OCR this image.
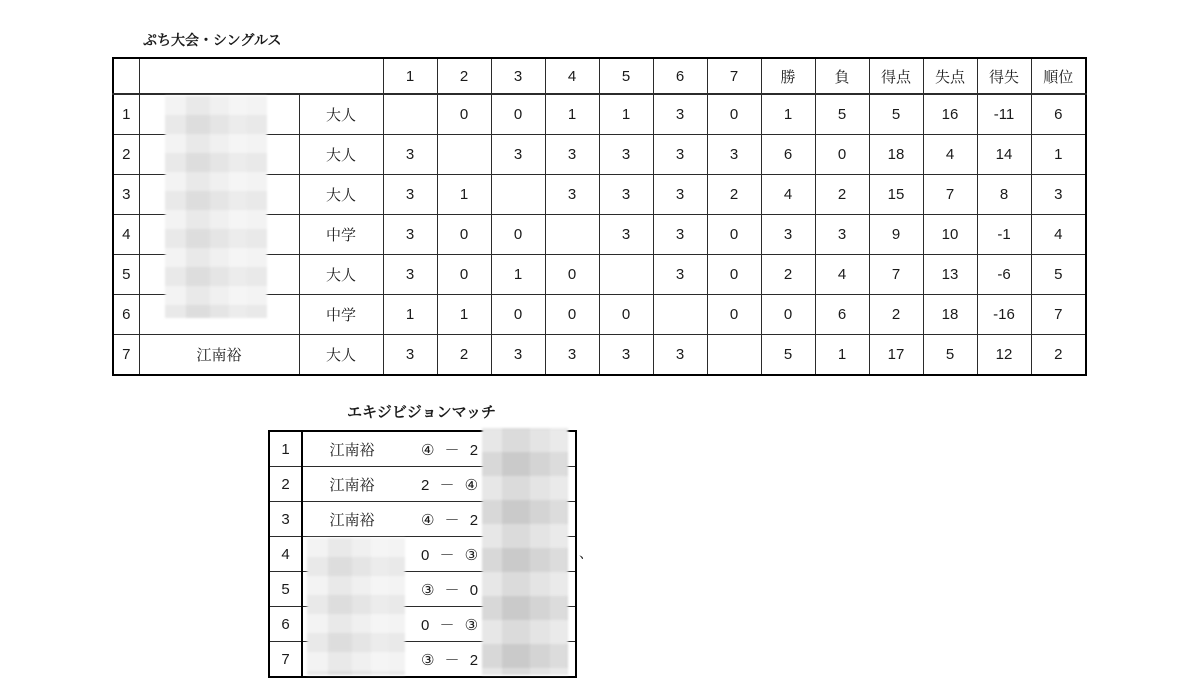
ぷち大会・シングルス

			1	2	3	4	5	6	7	勝	負	得点	失点	得失	順位
1		大人		0	0	1	1	3	0	1	5	5	16	-11	6
2		大人	3		3	3	3	3	3	6	0	18	4	14	1
3		大人	3	1		3	3	3	2	4	2	15	7	8	3
4		中学	3	0	0		3	3	0	3	3	9	10	-1	4
5		大人	3	0	1	0		3	0	2	4	7	13	-6	5
6		中学	1	1	0	0	0		0	0	6	2	18	-16	7
7	江南裕	大人	3	2	3	3	3	3		5	1	17	5	12	2
エキジビジョンマッチ
1	江南裕 ④ － 2

2	江南裕 2 － ④

3	江南裕 ④ － 2

4	0 － ③

5	③ － 0

6	0 － ③

7	③ － 2
、
